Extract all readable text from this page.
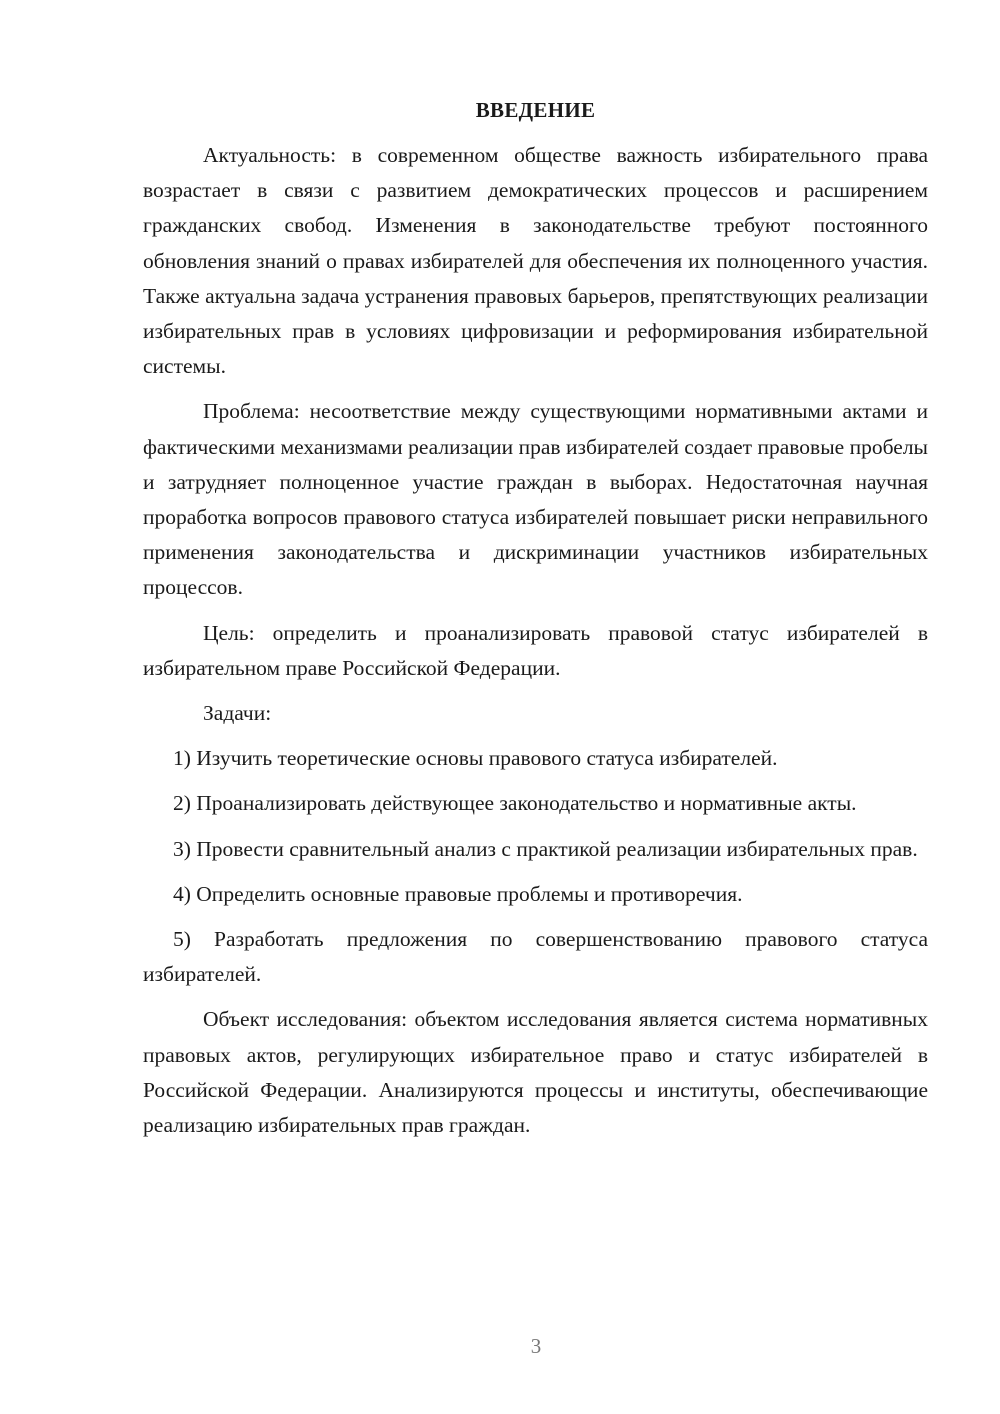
ВВЕДЕНИЕ

Актуальность: в современном обществе важность избирательного права возрастает в связи с развитием демократических процессов и расширением гражданских свобод. Изменения в законодательстве требуют постоянного обновления знаний о правах избирателей для обеспечения их полноценного участия. Также актуальна задача устранения правовых барьеров, препятствующих реализации избирательных прав в условиях цифровизации и реформирования избирательной системы.

Проблема: несоответствие между существующими нормативными актами и фактическими механизмами реализации прав избирателей создает правовые пробелы и затрудняет полноценное участие граждан в выборах. Недостаточная научная проработка вопросов правового статуса избирателей повышает риски неправильного применения законодательства и дискриминации участников избирательных процессов.

Цель: определить и проанализировать правовой статус избирателей в избирательном праве Российской Федерации.

Задачи:

1) Изучить теоретические основы правового статуса избирателей.

2) Проанализировать действующее законодательство и нормативные акты.

3) Провести сравнительный анализ с практикой реализации избирательных прав.

4) Определить основные правовые проблемы и противоречия.

5) Разработать предложения по совершенствованию правового статуса избирателей.

Объект исследования: объектом исследования является система нормативных правовых актов, регулирующих избирательное право и статус избирателей в Российской Федерации. Анализируются процессы и институты, обеспечивающие реализацию избирательных прав граждан.

3
